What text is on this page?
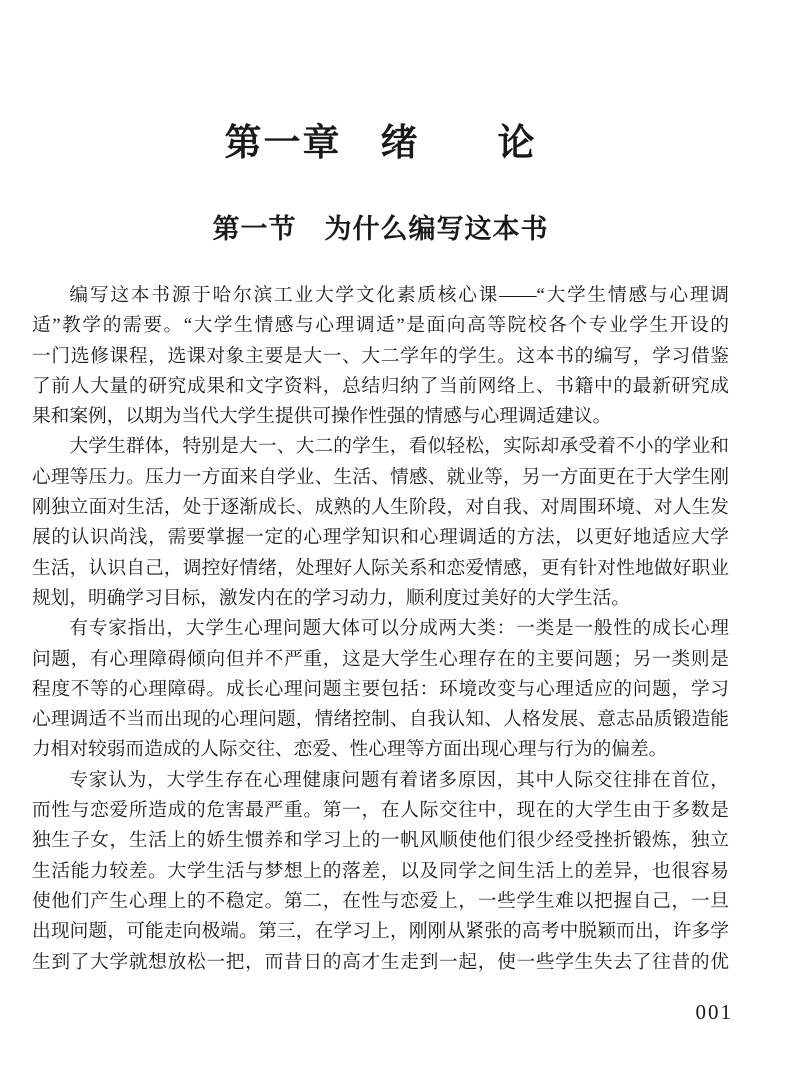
第一章　绪　　论
第一节　为什么编写这本书
编写这本书源于哈尔滨工业大学文化素质核心课——“大学生情感与心理调
适”教学的需要。“大学生情感与心理调适”是面向高等院校各个专业学生开设的
一门选修课程，选课对象主要是大一、大二学年的学生。这本书的编写，学习借鉴
了前人大量的研究成果和文字资料，总结归纳了当前网络上、书籍中的最新研究成
果和案例，以期为当代大学生提供可操作性强的情感与心理调适建议。
大学生群体，特别是大一、大二的学生，看似轻松，实际却承受着不小的学业和
心理等压力。压力一方面来自学业、生活、情感、就业等，另一方面更在于大学生刚
刚独立面对生活，处于逐渐成长、成熟的人生阶段，对自我、对周围环境、对人生发
展的认识尚浅，需要掌握一定的心理学知识和心理调适的方法，以更好地适应大学
生活，认识自己，调控好情绪，处理好人际关系和恋爱情感，更有针对性地做好职业
规划，明确学习目标，激发内在的学习动力，顺利度过美好的大学生活。
有专家指出，大学生心理问题大体可以分成两大类：一类是一般性的成长心理
问题，有心理障碍倾向但并不严重，这是大学生心理存在的主要问题；另一类则是
程度不等的心理障碍。成长心理问题主要包括：环境改变与心理适应的问题，学习
心理调适不当而出现的心理问题，情绪控制、自我认知、人格发展、意志品质锻造能
力相对较弱而造成的人际交往、恋爱、性心理等方面出现心理与行为的偏差。
专家认为，大学生存在心理健康问题有着诸多原因，其中人际交往排在首位，
而性与恋爱所造成的危害最严重。第一，在人际交往中，现在的大学生由于多数是
独生子女，生活上的娇生惯养和学习上的一帆风顺使他们很少经受挫折锻炼，独立
生活能力较差。大学生活与梦想上的落差，以及同学之间生活上的差异，也很容易
使他们产生心理上的不稳定。第二，在性与恋爱上，一些学生难以把握自己，一旦
出现问题，可能走向极端。第三，在学习上，刚刚从紧张的高考中脱颖而出，许多学
生到了大学就想放松一把，而昔日的高才生走到一起，使一些学生失去了往昔的优
001
